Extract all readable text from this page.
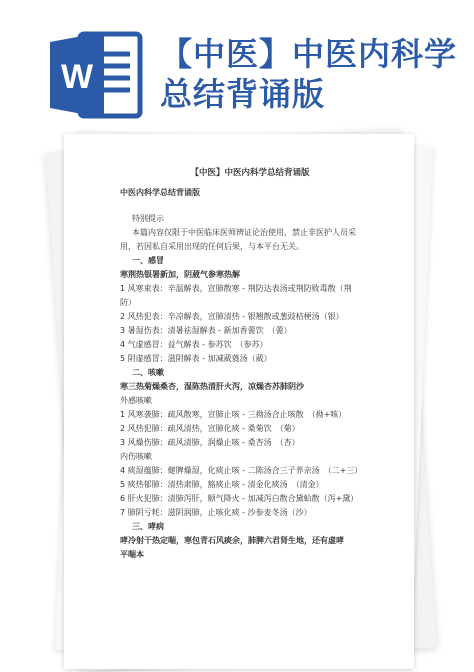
W
【中医】中医内科学总结背诵版
【中医】中医内科学总结背诵版
中医内科学总结背诵版
特别提示
本篇内容仅限于中医临床医师辨证论治使用，禁止非医护人员采
用，若因私自采用出现的任何后果，与本平台无关。
一、感冒
寒荆热银署新加，阴葳气参寒热解
1 风寒束表：辛温解表，宣肺散寒 - 荆防达表汤或荆防败毒散（荆
防）
2 风热犯表：辛凉解表，宣肺清热 - 银翘散或葱豉桔梗汤（银）
3 暑湿伤表：清暑祛湿解表 - 新加香薷饮　（薷）
4 气虚感冒：益气解表 - 参苏饮　（参苏）
5 阴虚感冒：滋阴解表 - 加减葳蕤汤（葳）
二、咳嗽
寒三热菊燥桑杏，湿陈热清肝火泻，凉燥杏苏肺阴沙
外感咳嗽
1 风寒袭肺：疏风散寒，宣肺止咳 - 三拗汤合止咳散　（拗+咳）
2 风热犯肺：疏风清热，宣肺化痰 - 桑菊饮　（菊）
3 风燥伤肺：疏风清肺，润燥止咳 - 桑杏汤　（杏）
内伤咳嗽
4 痰湿蕴肺：健脾燥湿，化痰止咳 - 二陈汤合三子养亲汤　（二+三）
5 痰热郁肺：清热肃肺，豁痰止咳 - 清金化痰汤　（清金）
6 肝火犯肺：清肺泻肝，顺气降火 - 加减泻白散合黛蛤散（泻+黛）
7 肺阴亏耗：滋阴润肺，止咳化痰 - 沙参麦冬汤（沙）
三、哮病
哮冷射干热定喘，寒包青石风痰余，肺脾六君肾生地，还有虚哮
平喘本
